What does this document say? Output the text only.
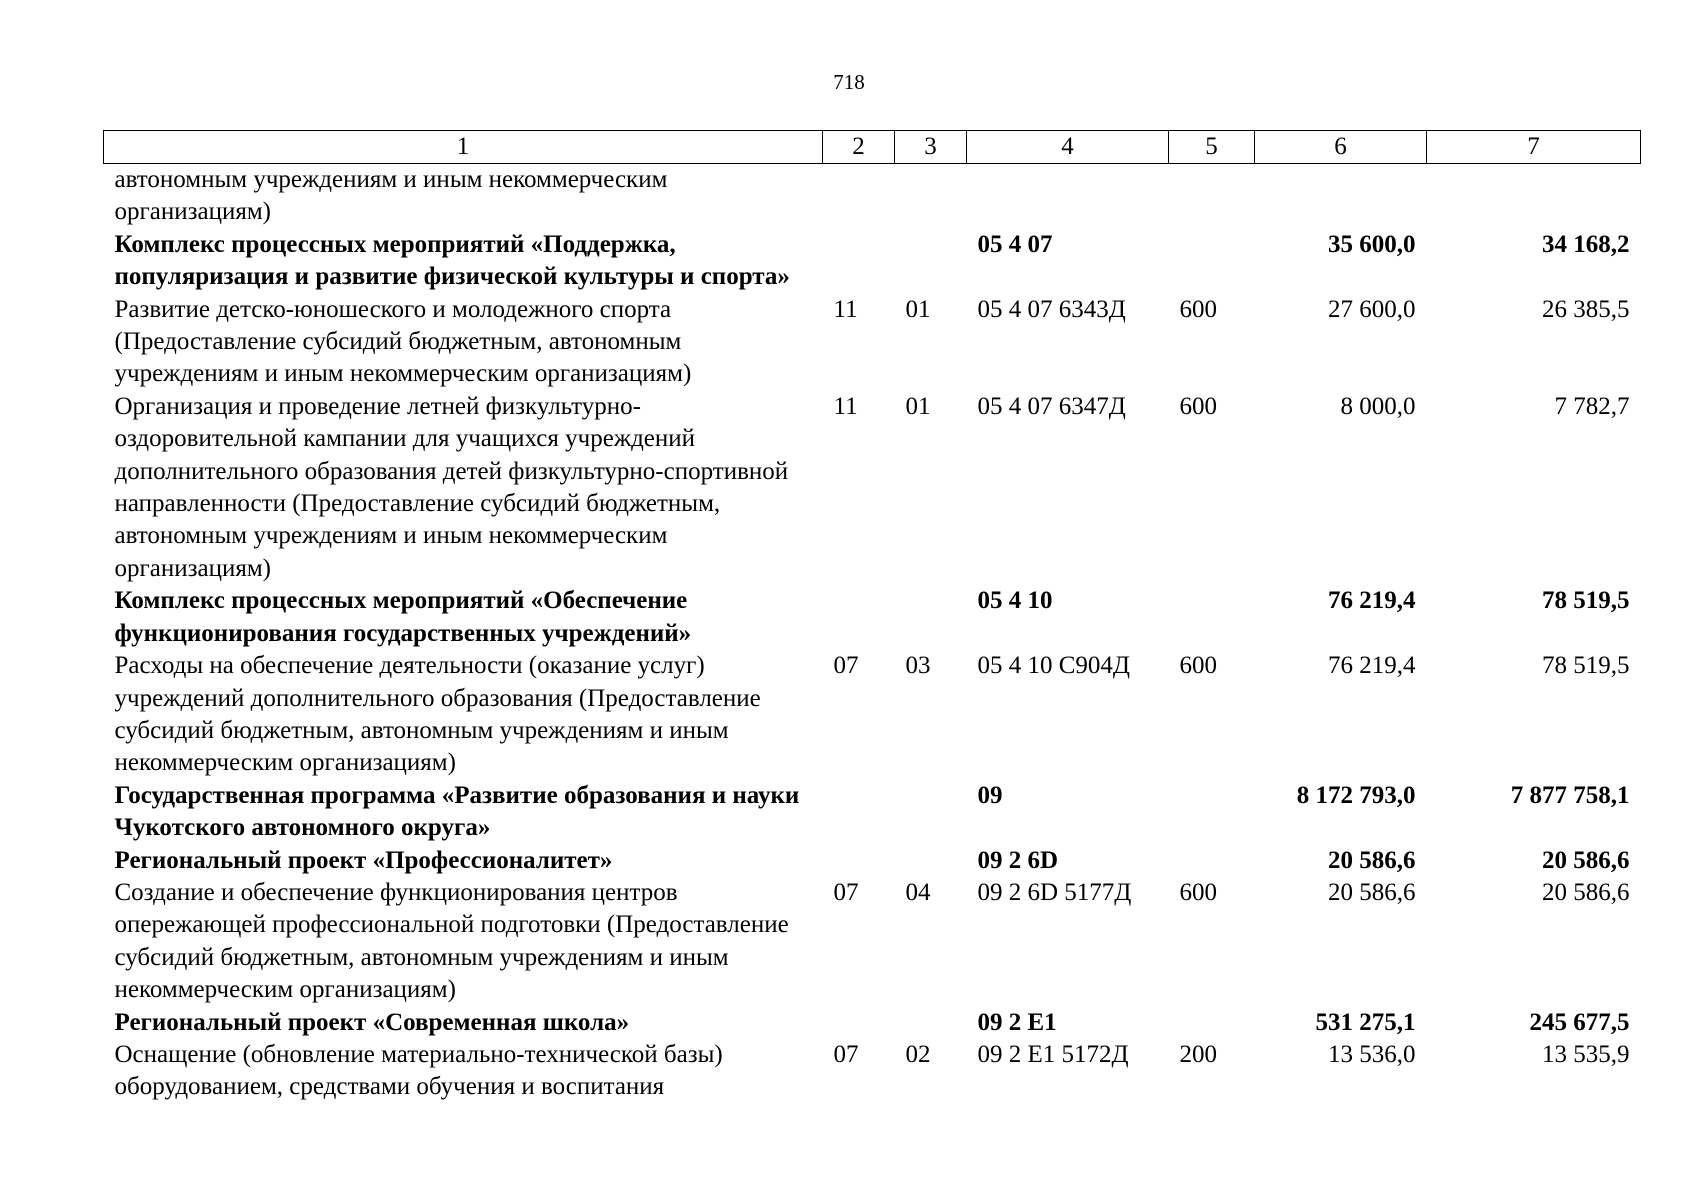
718
1	2	3	4	5	6	7
автономным учреждениям и иным некоммерческим организациям)						
Комплекс процессных мероприятий «Поддержка, популяризация и развитие физической культуры и спорта»			05 4 07		35 600,0	34 168,2
Развитие детско-юношеского и молодежного спорта (Предоставление субсидий бюджетным, автономным учреждениям и иным некоммерческим организациям)	11	01	05 4 07 6343Д	600	27 600,0	26 385,5
Организация и проведение летней физкультурно-оздоровительной кампании для учащихся учреждений дополнительного образования детей физкультурно-спортивной направленности (Предоставление субсидий бюджетным, автономным учреждениям и иным некоммерческим организациям)	11	01	05 4 07 6347Д	600	8 000,0	7 782,7
Комплекс процессных мероприятий «Обеспечение функционирования государственных учреждений»			05 4 10		76 219,4	78 519,5
Расходы на обеспечение деятельности (оказание услуг) учреждений дополнительного образования (Предоставление субсидий бюджетным, автономным учреждениям и иным некоммерческим организациям)	07	03	05 4 10 С904Д	600	76 219,4	78 519,5
Государственная программа «Развитие образования и науки Чукотского автономного округа»			09		8 172 793,0	7 877 758,1
Региональный проект «Профессионалитет»			09 2 6D		20 586,6	20 586,6
Создание и обеспечение функционирования центров опережающей профессиональной подготовки (Предоставление субсидий бюджетным, автономным учреждениям и иным некоммерческим организациям)	07	04	09 2 6D 5177Д	600	20 586,6	20 586,6
Региональный проект «Современная школа»			09 2 E1		531 275,1	245 677,5
Оснащение (обновление материально-технической базы) оборудованием, средствами обучения и воспитания	07	02	09 2 E1 5172Д	200	13 536,0	13 535,9
